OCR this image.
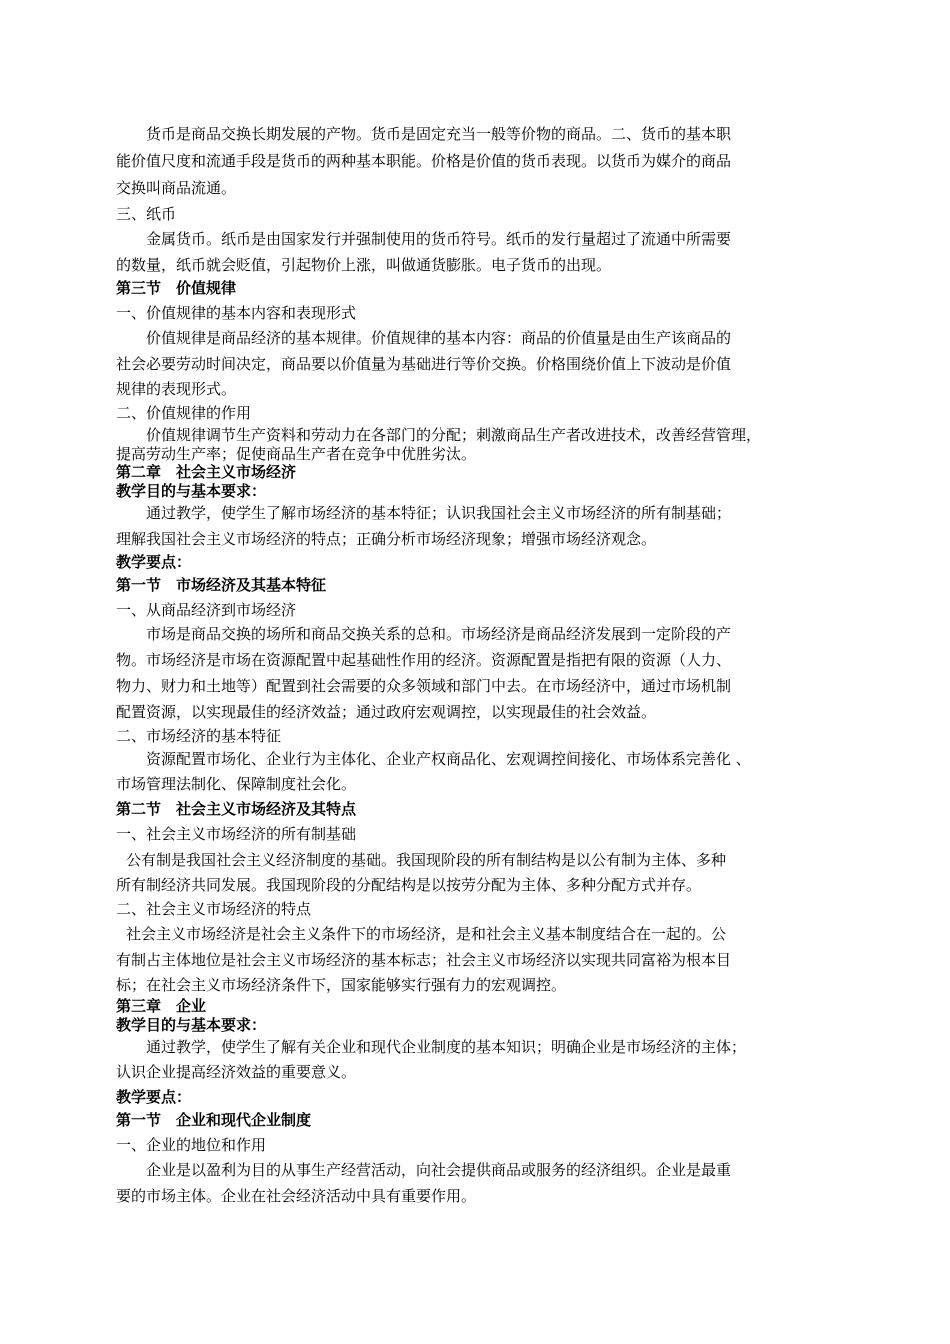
货币是商品交换长期发展的产物。货币是固定充当一般等价物的商品。二、货币的基本职
能价值尺度和流通手段是货币的两种基本职能。价格是价值的货币表现。以货币为媒介的商品
交换叫商品流通。
三、纸币
金属货币。纸币是由国家发行并强制使用的货币符号。纸币的发行量超过了流通中所需要
的数量，纸币就会贬值，引起物价上涨，叫做通货膨胀。电子货币的出现。
第三节　价值规律
一、价值规律的基本内容和表现形式
价值规律是商品经济的基本规律。价值规律的基本内容：商品的价值量是由生产该商品的
社会必要劳动时间决定，商品要以价值量为基础进行等价交换。价格围绕价值上下波动是价值
规律的表现形式。
二、价值规律的作用
价值规律调节生产资料和劳动力在各部门的分配；刺激商品生产者改进技术，改善经营管理，
提高劳动生产率；促使商品生产者在竞争中优胜劣汰。
第二章　社会主义市场经济
教学目的与基本要求：
通过教学，使学生了解市场经济的基本特征；认识我国社会主义市场经济的所有制基础；
理解我国社会主义市场经济的特点；正确分析市场经济现象；增强市场经济观念。
教学要点：
第一节　市场经济及其基本特征
一、从商品经济到市场经济
市场是商品交换的场所和商品交换关系的总和。市场经济是商品经济发展到一定阶段的产
物。市场经济是市场在资源配置中起基础性作用的经济。资源配置是指把有限的资源（人力、
物力、财力和土地等）配置到社会需要的众多领域和部门中去。在市场经济中，通过市场机制
配置资源，以实现最佳的经济效益；通过政府宏观调控，以实现最佳的社会效益。
二、市场经济的基本特征
资源配置市场化、企业行为主体化、企业产权商品化、宏观调控间接化、市场体系完善化 、
市场管理法制化、保障制度社会化。
第二节　社会主义市场经济及其特点
一、社会主义市场经济的所有制基础
公有制是我国社会主义经济制度的基础。我国现阶段的所有制结构是以公有制为主体、多种
所有制经济共同发展。我国现阶段的分配结构是以按劳分配为主体、多种分配方式并存。
二、社会主义市场经济的特点
社会主义市场经济是社会主义条件下的市场经济，是和社会主义基本制度结合在一起的。公
有制占主体地位是社会主义市场经济的基本标志；社会主义市场经济以实现共同富裕为根本目
标；在社会主义市场经济条件下，国家能够实行强有力的宏观调控。
第三章　企业
教学目的与基本要求：
通过教学，使学生了解有关企业和现代企业制度的基本知识；明确企业是市场经济的主体；
认识企业提高经济效益的重要意义。
教学要点：
第一节　企业和现代企业制度
一、企业的地位和作用
企业是以盈利为目的从事生产经营活动，向社会提供商品或服务的经济组织。企业是最重
要的市场主体。企业在社会经济活动中具有重要作用。
